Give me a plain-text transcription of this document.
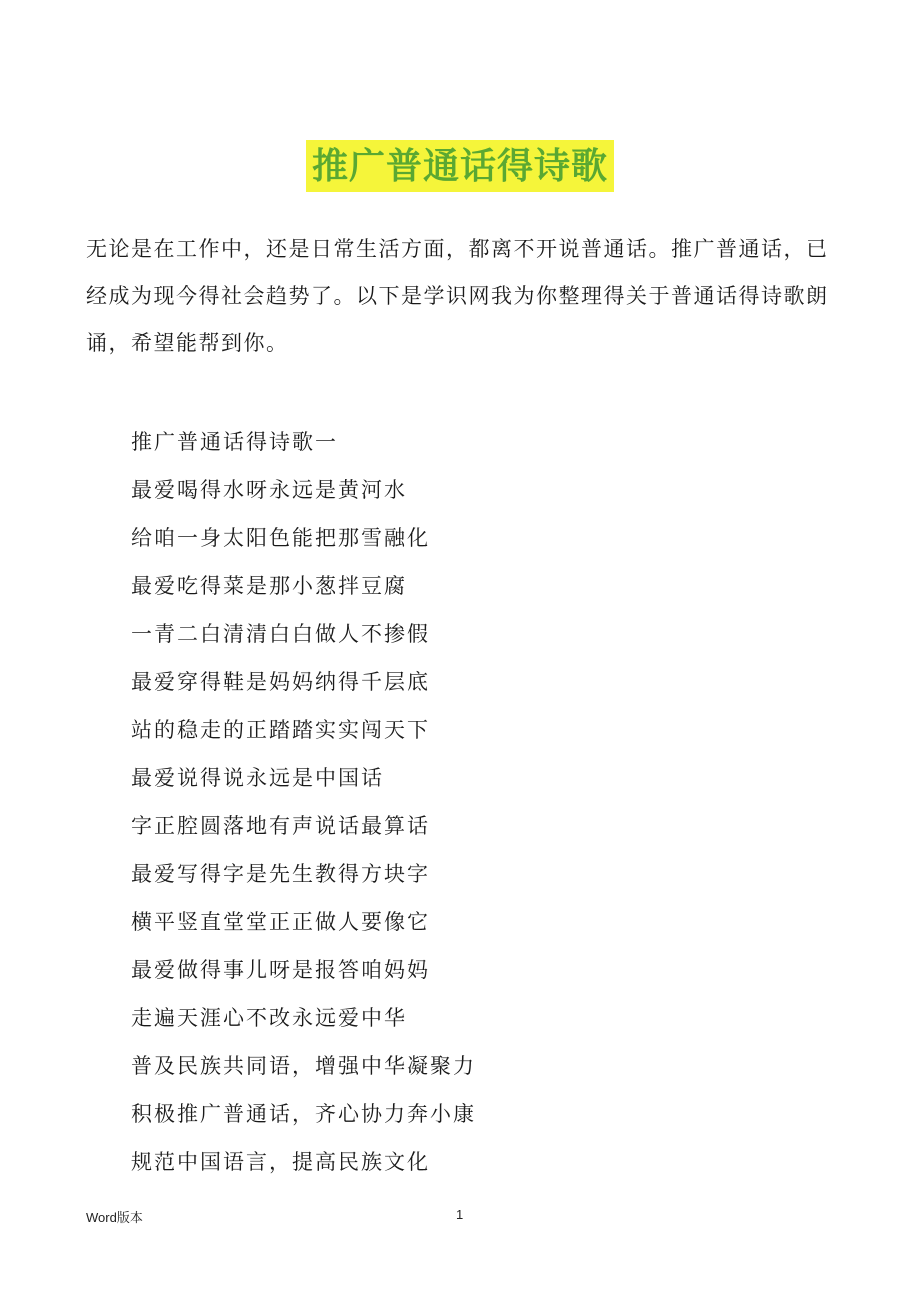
推广普通话得诗歌

无论是在工作中，还是日常生活方面，都离不开说普通话。推广普通话，已经成为现今得社会趋势了。以下是学识网我为你整理得关于普通话得诗歌朗诵，希望能帮到你。

推广普通话得诗歌一
最爱喝得水呀永远是黄河水
给咱一身太阳色能把那雪融化
最爱吃得菜是那小葱拌豆腐
一青二白清清白白做人不掺假
最爱穿得鞋是妈妈纳得千层底
站的稳走的正踏踏实实闯天下
最爱说得说永远是中国话
字正腔圆落地有声说话最算话
最爱写得字是先生教得方块字
横平竖直堂堂正正做人要像它
最爱做得事儿呀是报答咱妈妈
走遍天涯心不改永远爱中华
普及民族共同语，增强中华凝聚力
积极推广普通话，齐心协力奔小康
规范中国语言，提高民族文化
Word版本	1
